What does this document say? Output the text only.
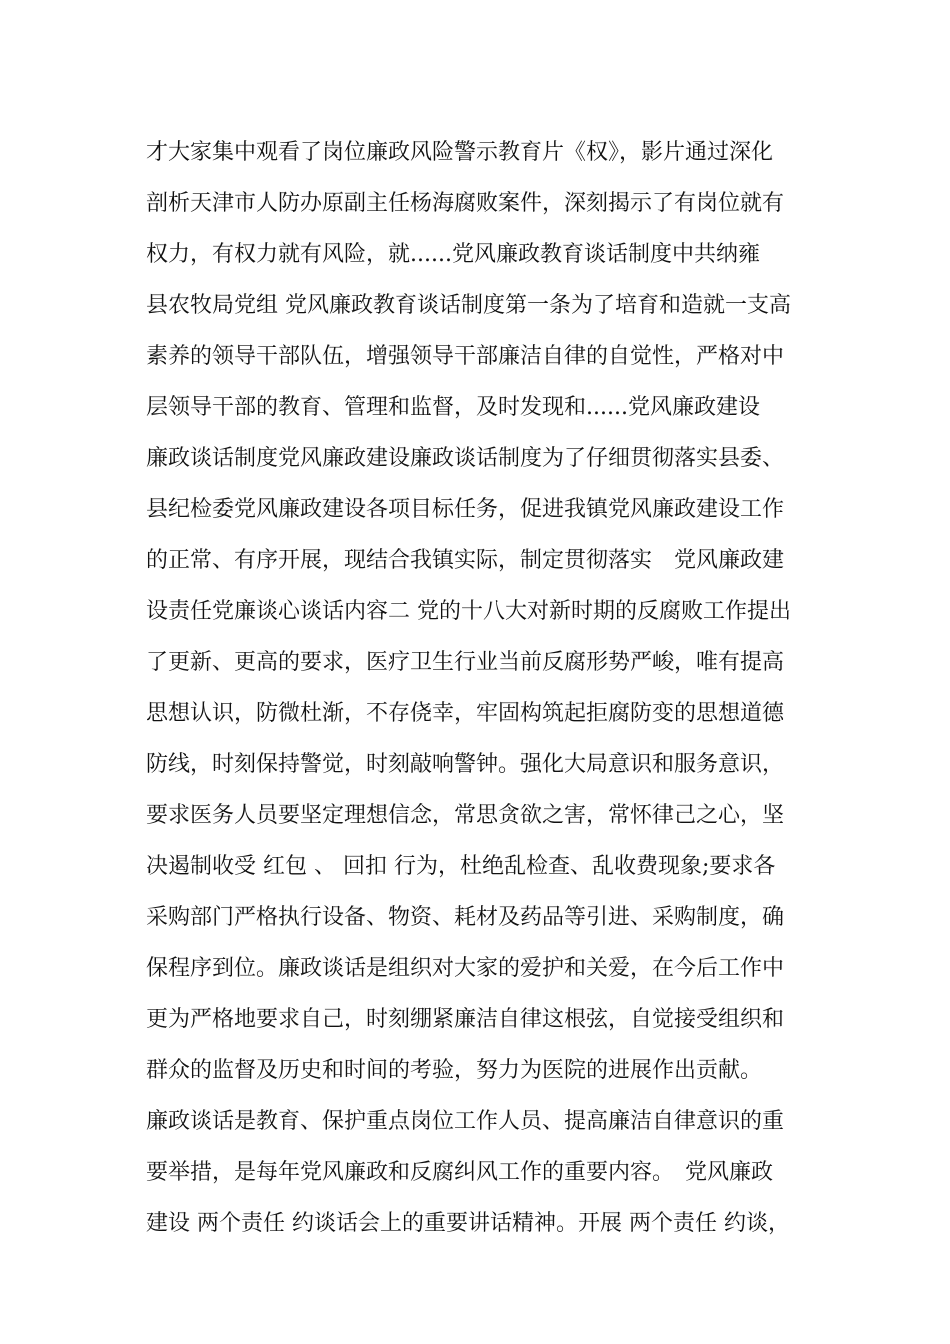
才大家集中观看了岗位廉政风险警示教育片《权》，影片通过深化
剖析天津市人防办原副主任杨海腐败案件，深刻揭示了有岗位就有
权力，有权力就有风险，就......党风廉政教育谈话制度中共纳雍
县农牧局党组 党风廉政教育谈话制度第一条为了培育和造就一支高
素养的领导干部队伍，增强领导干部廉洁自律的自觉性，严格对中
层领导干部的教育、管理和监督，及时发现和......党风廉政建设
廉政谈话制度党风廉政建设廉政谈话制度为了仔细贯彻落实县委、
县纪检委党风廉政建设各项目标任务，促进我镇党风廉政建设工作
的正常、有序开展，现结合我镇实际，制定贯彻落实　党风廉政建
设责任党廉谈心谈话内容二 党的十八大对新时期的反腐败工作提出
了更新、更高的要求，医疗卫生行业当前反腐形势严峻，唯有提高
思想认识，防微杜渐，不存侥幸，牢固构筑起拒腐防变的思想道德
防线，时刻保持警觉，时刻敲响警钟。强化大局意识和服务意识，
要求医务人员要坚定理想信念，常思贪欲之害，常怀律己之心，坚
决遏制收受 红包 、 回扣 行为，杜绝乱检查、乱收费现象;要求各
采购部门严格执行设备、物资、耗材及药品等引进、采购制度，确
保程序到位。廉政谈话是组织对大家的爱护和关爱，在今后工作中
更为严格地要求自己，时刻绷紧廉洁自律这根弦，自觉接受组织和
群众的监督及历史和时间的考验，努力为医院的进展作出贡献。
廉政谈话是教育、保护重点岗位工作人员、提高廉洁自律意识的重
要举措，是每年党风廉政和反腐纠风工作的重要内容。　党风廉政
建设 两个责任 约谈话会上的重要讲话精神。开展 两个责任 约谈，
